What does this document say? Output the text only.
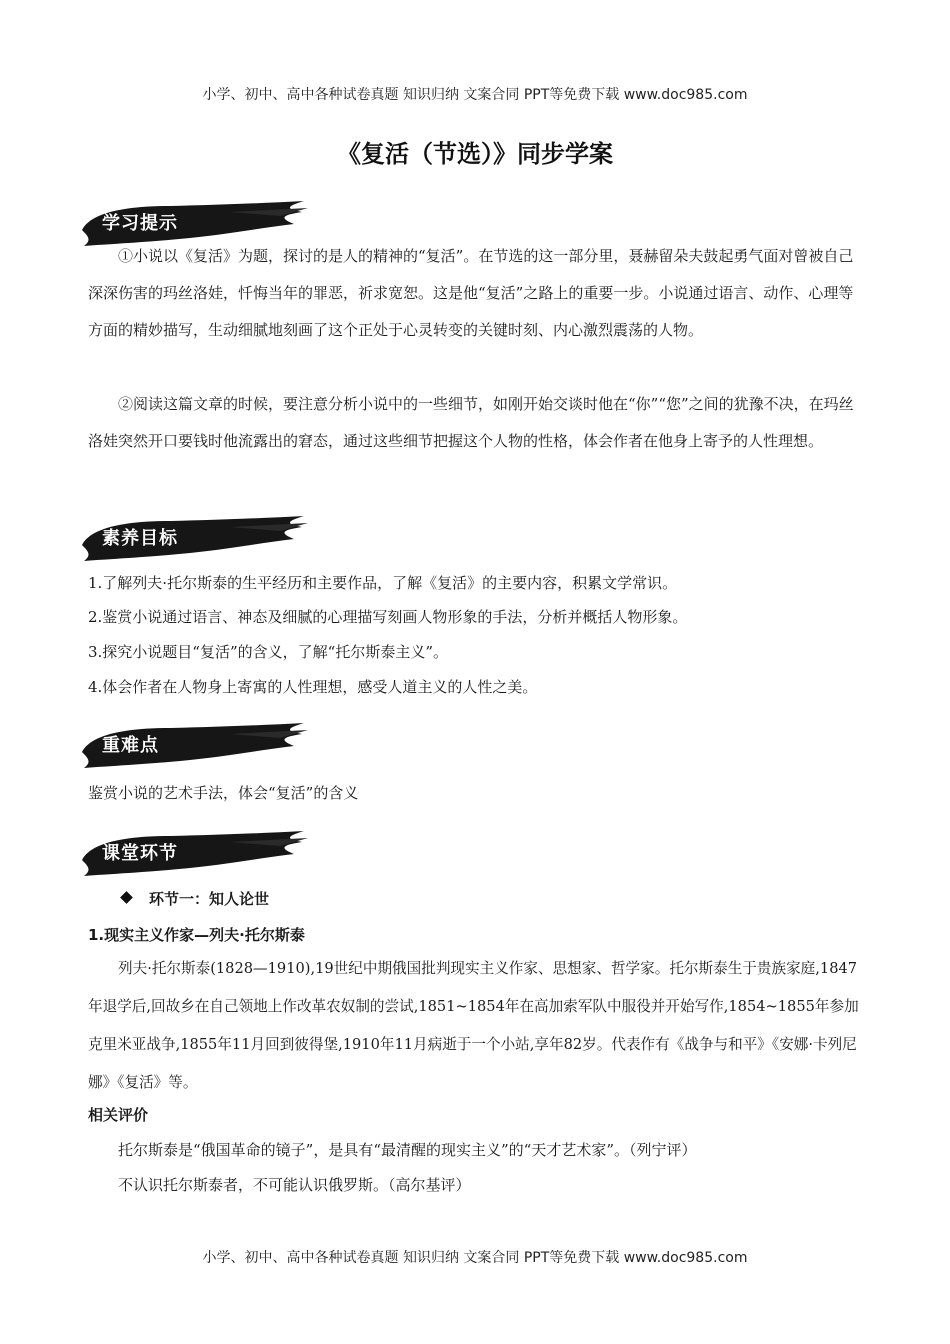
小学、初中、高中各种试卷真题 知识归纳 文案合同 PPT等免费下载 www.doc985.com
《复活（节选）》同步学案
学习提示

①小说以《复活》为题，探讨的是人的精神的“复活”。在节选的这一部分里，聂赫留朵夫鼓起勇气面对曾被自己深深伤害的玛丝洛娃，忏悔当年的罪恶，祈求宽恕。这是他“复活”之路上的重要一步。小说通过语言、动作、心理等方面的精妙描写，生动细腻地刻画了这个正处于心灵转变的关键时刻、内心激烈震荡的人物。

②阅读这篇文章的时候，要注意分析小说中的一些细节，如刚开始交谈时他在“你”“您”之间的犹豫不决，在玛丝洛娃突然开口要钱时他流露出的窘态，通过这些细节把握这个人物的性格，体会作者在他身上寄予的人性理想。

素养目标

1.了解列夫·托尔斯泰的生平经历和主要作品，了解《复活》的主要内容，积累文学常识。

2.鉴赏小说通过语言、神态及细腻的心理描写刻画人物形象的手法，分析并概括人物形象。

3.探究小说题目“复活”的含义，了解“托尔斯泰主义”。

4.体会作者在人物身上寄寓的人性理想，感受人道主义的人性之美。

重难点

鉴赏小说的艺术手法，体会“复活”的含义

课堂环节

环节一：知人论世

1.现实主义作家—列夫·托尔斯泰

列夫·托尔斯泰(1828—1910),19世纪中期俄国批判现实主义作家、思想家、哲学家。托尔斯泰生于贵族家庭,1847年退学后,回故乡在自己领地上作改革农奴制的尝试,1851~1854年在高加索军队中服役并开始写作,1854~1855年参加克里米亚战争,1855年11月回到彼得堡,1910年11月病逝于一个小站,享年82岁。代表作有《战争与和平》《安娜·卡列尼娜》《复活》等。

相关评价

托尔斯泰是“俄国革命的镜子”，是具有“最清醒的现实主义”的“天才艺术家”。（列宁评）

不认识托尔斯泰者，不可能认识俄罗斯。（高尔基评）

小学、初中、高中各种试卷真题 知识归纳 文案合同 PPT等免费下载 www.doc985.com
